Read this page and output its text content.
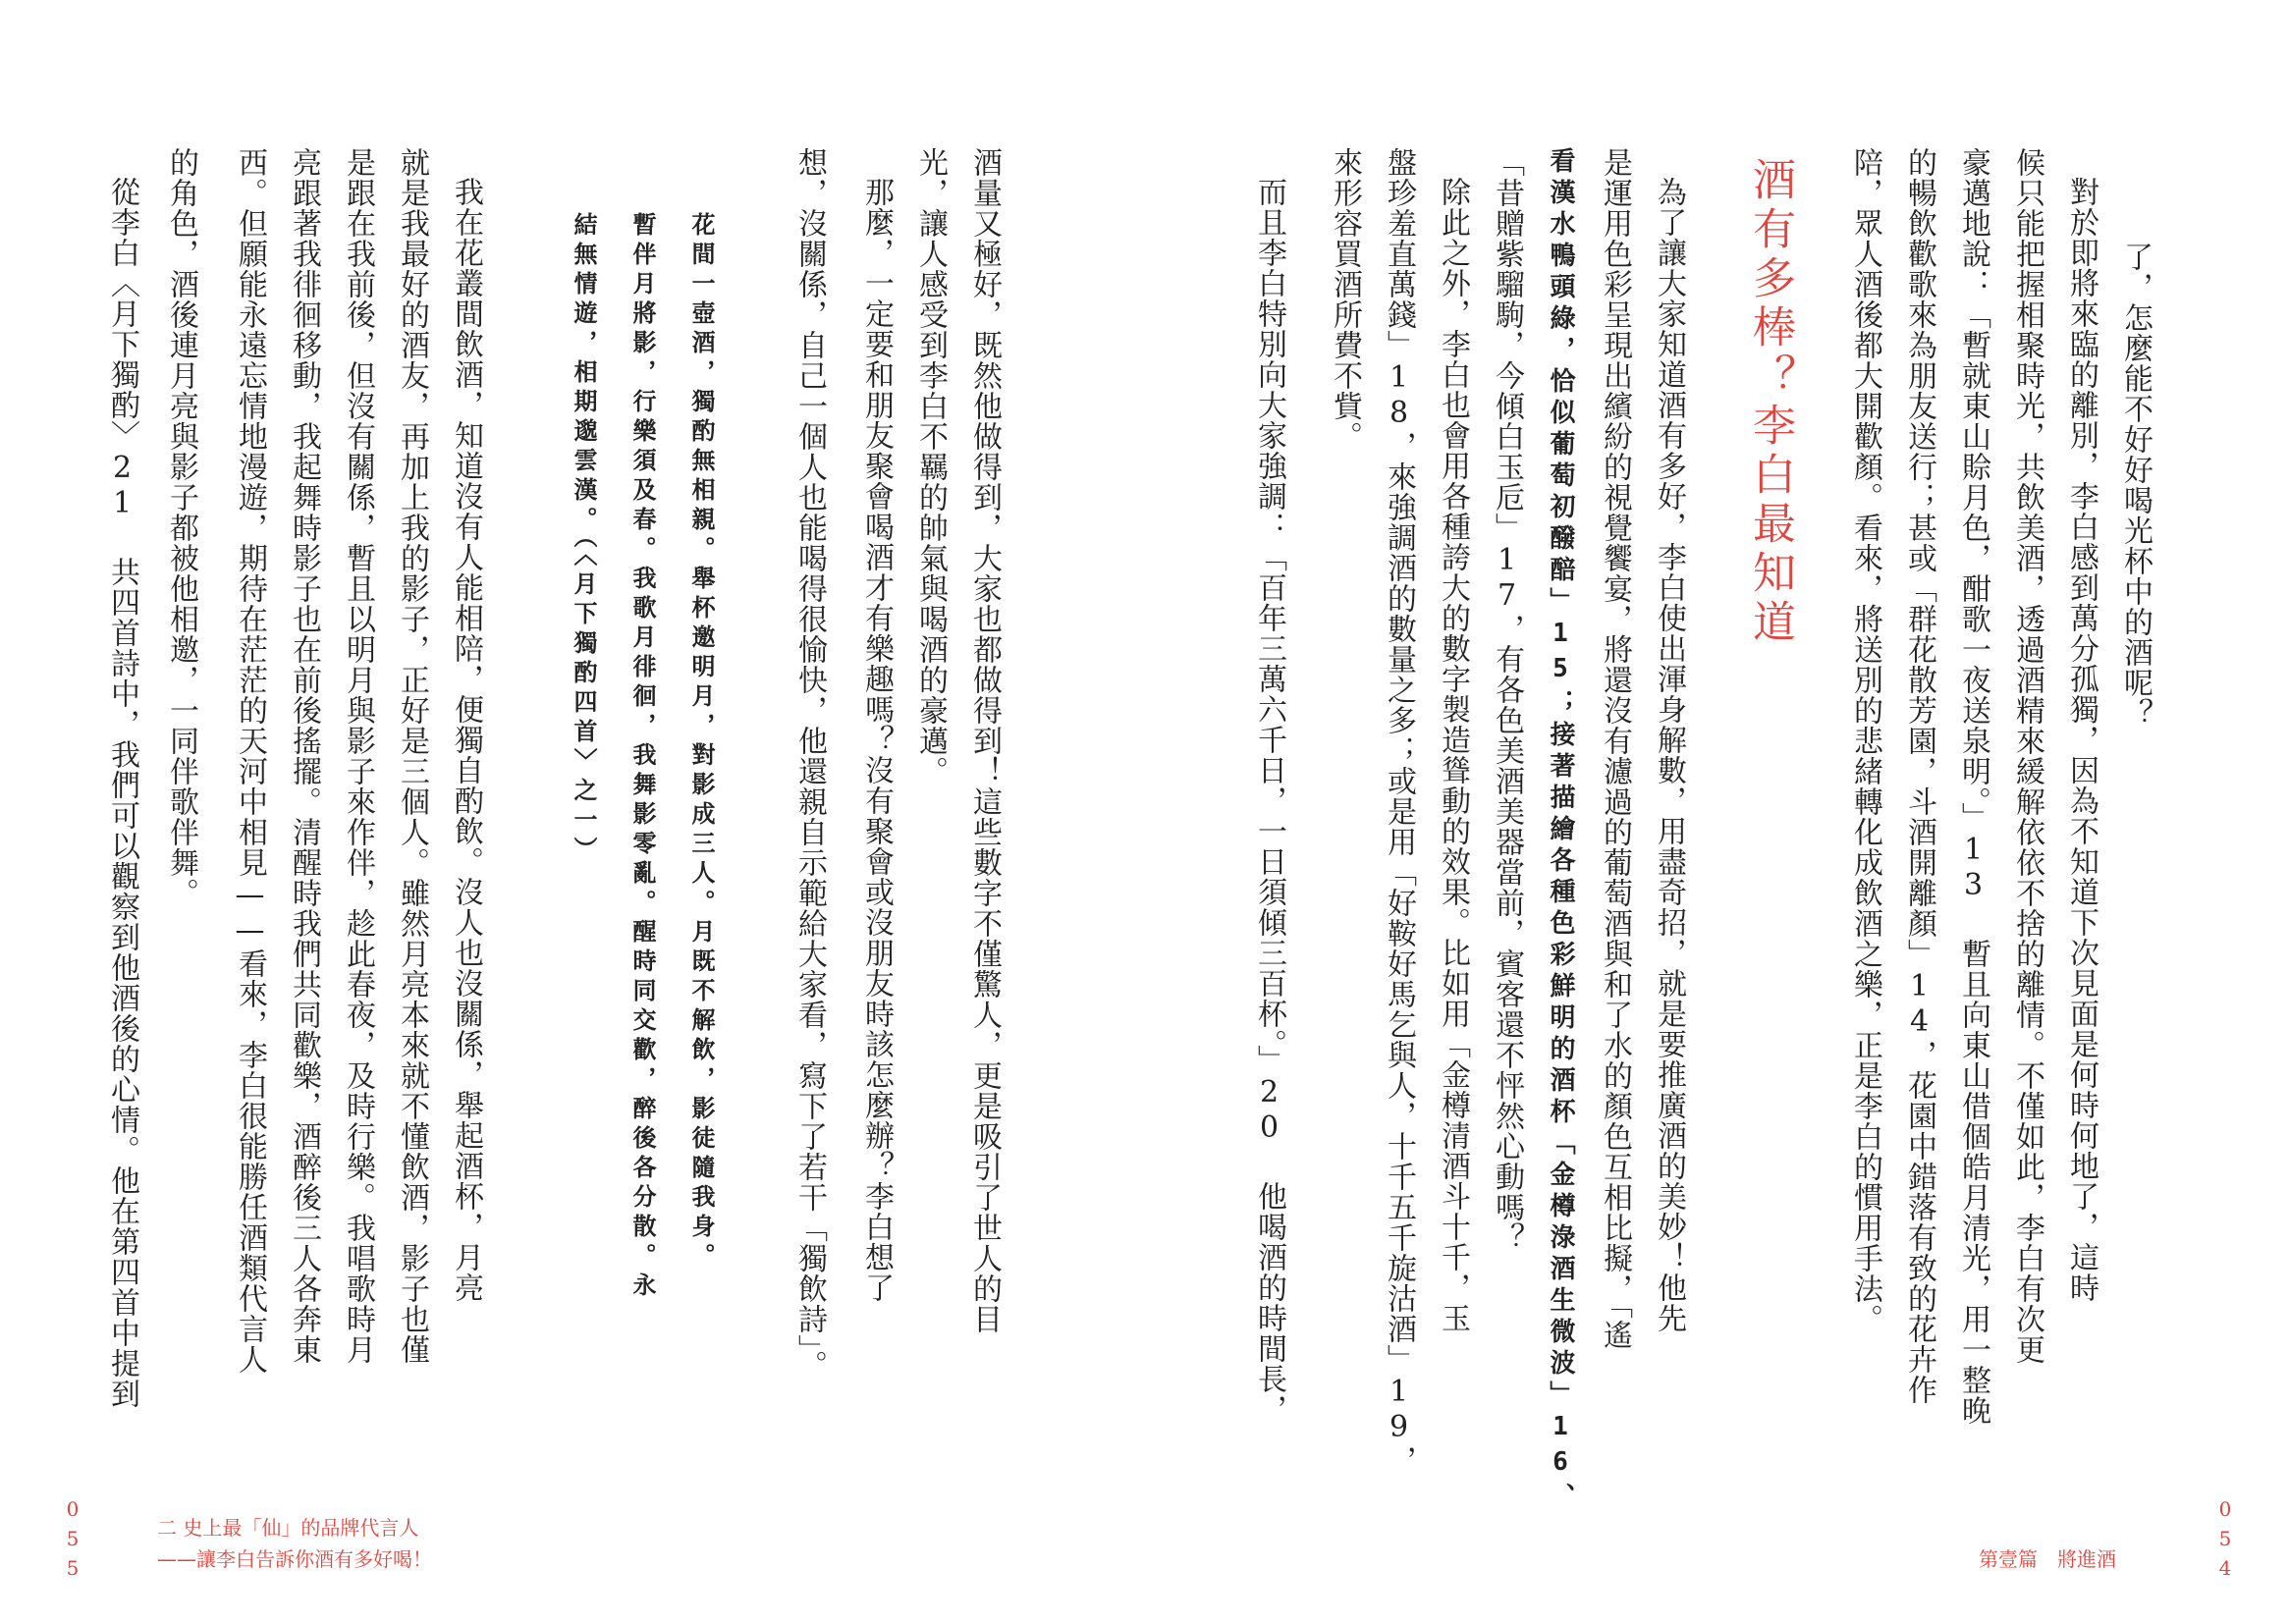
了，怎麼能不好好喝光杯中的酒呢？
對於即將來臨的離別，李白感到萬分孤獨，因為不知道下次見面是何時何地了，這時
候只能把握相聚時光，共飲美酒，透過酒精來緩解依依不捨的離情。不僅如此，李白有次更
豪邁地說：「暫就東山賒月色，酣歌一夜送泉明。」13 暫且向東山借個皓月清光，用一整晚
的暢飲歡歌來為朋友送行；甚或「群花散芳園，斗酒開離顏」14，花園中錯落有致的花卉作
陪，眾人酒後都大開歡顏。看來，將送別的悲緒轉化成飲酒之樂，正是李白的慣用手法。
酒有多棒？李白最知道
為了讓大家知道酒有多好，李白使出渾身解數，用盡奇招，就是要推廣酒的美妙！他先
是運用色彩呈現出繽紛的視覺饗宴，將還沒有濾過的葡萄酒與和了水的顏色互相比擬，「遙
看漢水鴨頭綠，恰似葡萄初醱醅」15；接著描繪各種色彩鮮明的酒杯「金樽淥酒生微波」16、
「昔贈紫騮駒，今傾白玉卮」17，有各色美酒美器當前，賓客還不怦然心動嗎？
除此之外，李白也會用各種誇大的數字製造聳動的效果。比如用「金樽清酒斗十千，玉
盤珍羞直萬錢」18，來強調酒的數量之多；或是用「好鞍好馬乞與人，十千五千旋沽酒」19，
來形容買酒所費不貲。
而且李白特別向大家強調：「百年三萬六千日，一日須傾三百杯。」20 他喝酒的時間長，
054
第壹篇　將進酒
酒量又極好，既然他做得到，大家也都做得到！這些數字不僅驚人，更是吸引了世人的目
光，讓人感受到李白不羈的帥氣與喝酒的豪邁。
那麼，一定要和朋友聚會喝酒才有樂趣嗎？沒有聚會或沒朋友時該怎麼辦？李白想了
想，沒關係，自己一個人也能喝得很愉快，他還親自示範給大家看，寫下了若干「獨飲詩」。
花間一壺酒，獨酌無相親。舉杯邀明月，對影成三人。月既不解飲，影徒隨我身。
暫伴月將影，行樂須及春。我歌月徘徊，我舞影零亂。醒時同交歡，醉後各分散。永
結無情遊，相期邈雲漢。（〈月下獨酌四首〉之一）
我在花叢間飲酒，知道沒有人能相陪，便獨自酌飲。沒人也沒關係，舉起酒杯，月亮
就是我最好的酒友，再加上我的影子，正好是三個人。雖然月亮本來就不懂飲酒，影子也僅
是跟在我前後，但沒有關係，暫且以明月與影子來作伴，趁此春夜，及時行樂。我唱歌時月
亮跟著我徘徊移動，我起舞時影子也在前後搖擺。清醒時我們共同歡樂，酒醉後三人各奔東
西。但願能永遠忘情地漫遊，期待在茫茫的天河中相見——看來，李白很能勝任酒類代言人
的角色，酒後連月亮與影子都被他相邀，一同伴歌伴舞。
從李白〈月下獨酌〉21 共四首詩中，我們可以觀察到他酒後的心情。他在第四首中提到
055	二 史上最「仙」的品牌代言人
——讓李白告訴你酒有多好喝！
